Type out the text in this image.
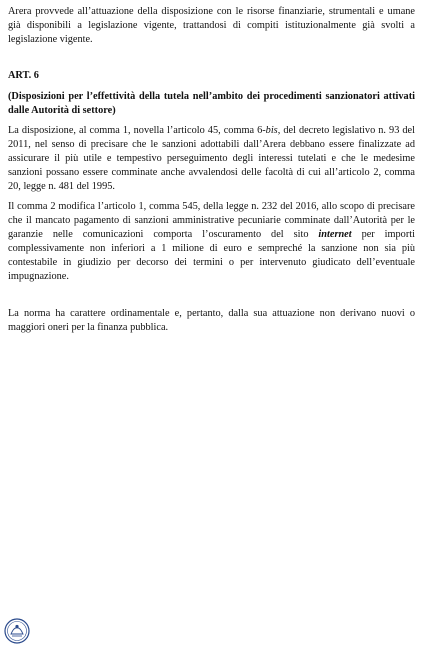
Arera provvede all’attuazione della disposizione con le risorse finanziarie, strumentali e umane già disponibili a legislazione vigente, trattandosi di compiti istituzionalmente già svolti a legislazione vigente.
ART. 6
(Disposizioni per l’effettività della tutela nell’ambito dei procedimenti sanzionatori attivati dalle Autorità di settore)
La disposizione, al comma 1, novella l’articolo 45, comma 6-bis, del decreto legislativo n. 93 del 2011, nel senso di precisare che le sanzioni adottabili dall’Arera debbano essere finalizzate ad assicurare il più utile e tempestivo perseguimento degli interessi tutelati e che le medesime sanzioni possano essere comminate anche avvalendosi delle facoltà di cui all’articolo 2, comma 20, legge n. 481 del 1995.
Il comma 2 modifica l’articolo 1, comma 545, della legge n. 232 del 2016, allo scopo di precisare che il mancato pagamento di sanzioni amministrative pecuniarie comminate dall’Autorità per le garanzie nelle comunicazioni comporta l’oscuramento del sito internet per importi complessivamente non inferiori a 1 milione di euro e sempreché la sanzione non sia più contestabile in giudizio per decorso dei termini o per intervenuto giudicato dell’eventuale impugnazione.
La norma ha carattere ordinamentale e, pertanto, dalla sua attuazione non derivano nuovi o maggiori oneri per la finanza pubblica.
